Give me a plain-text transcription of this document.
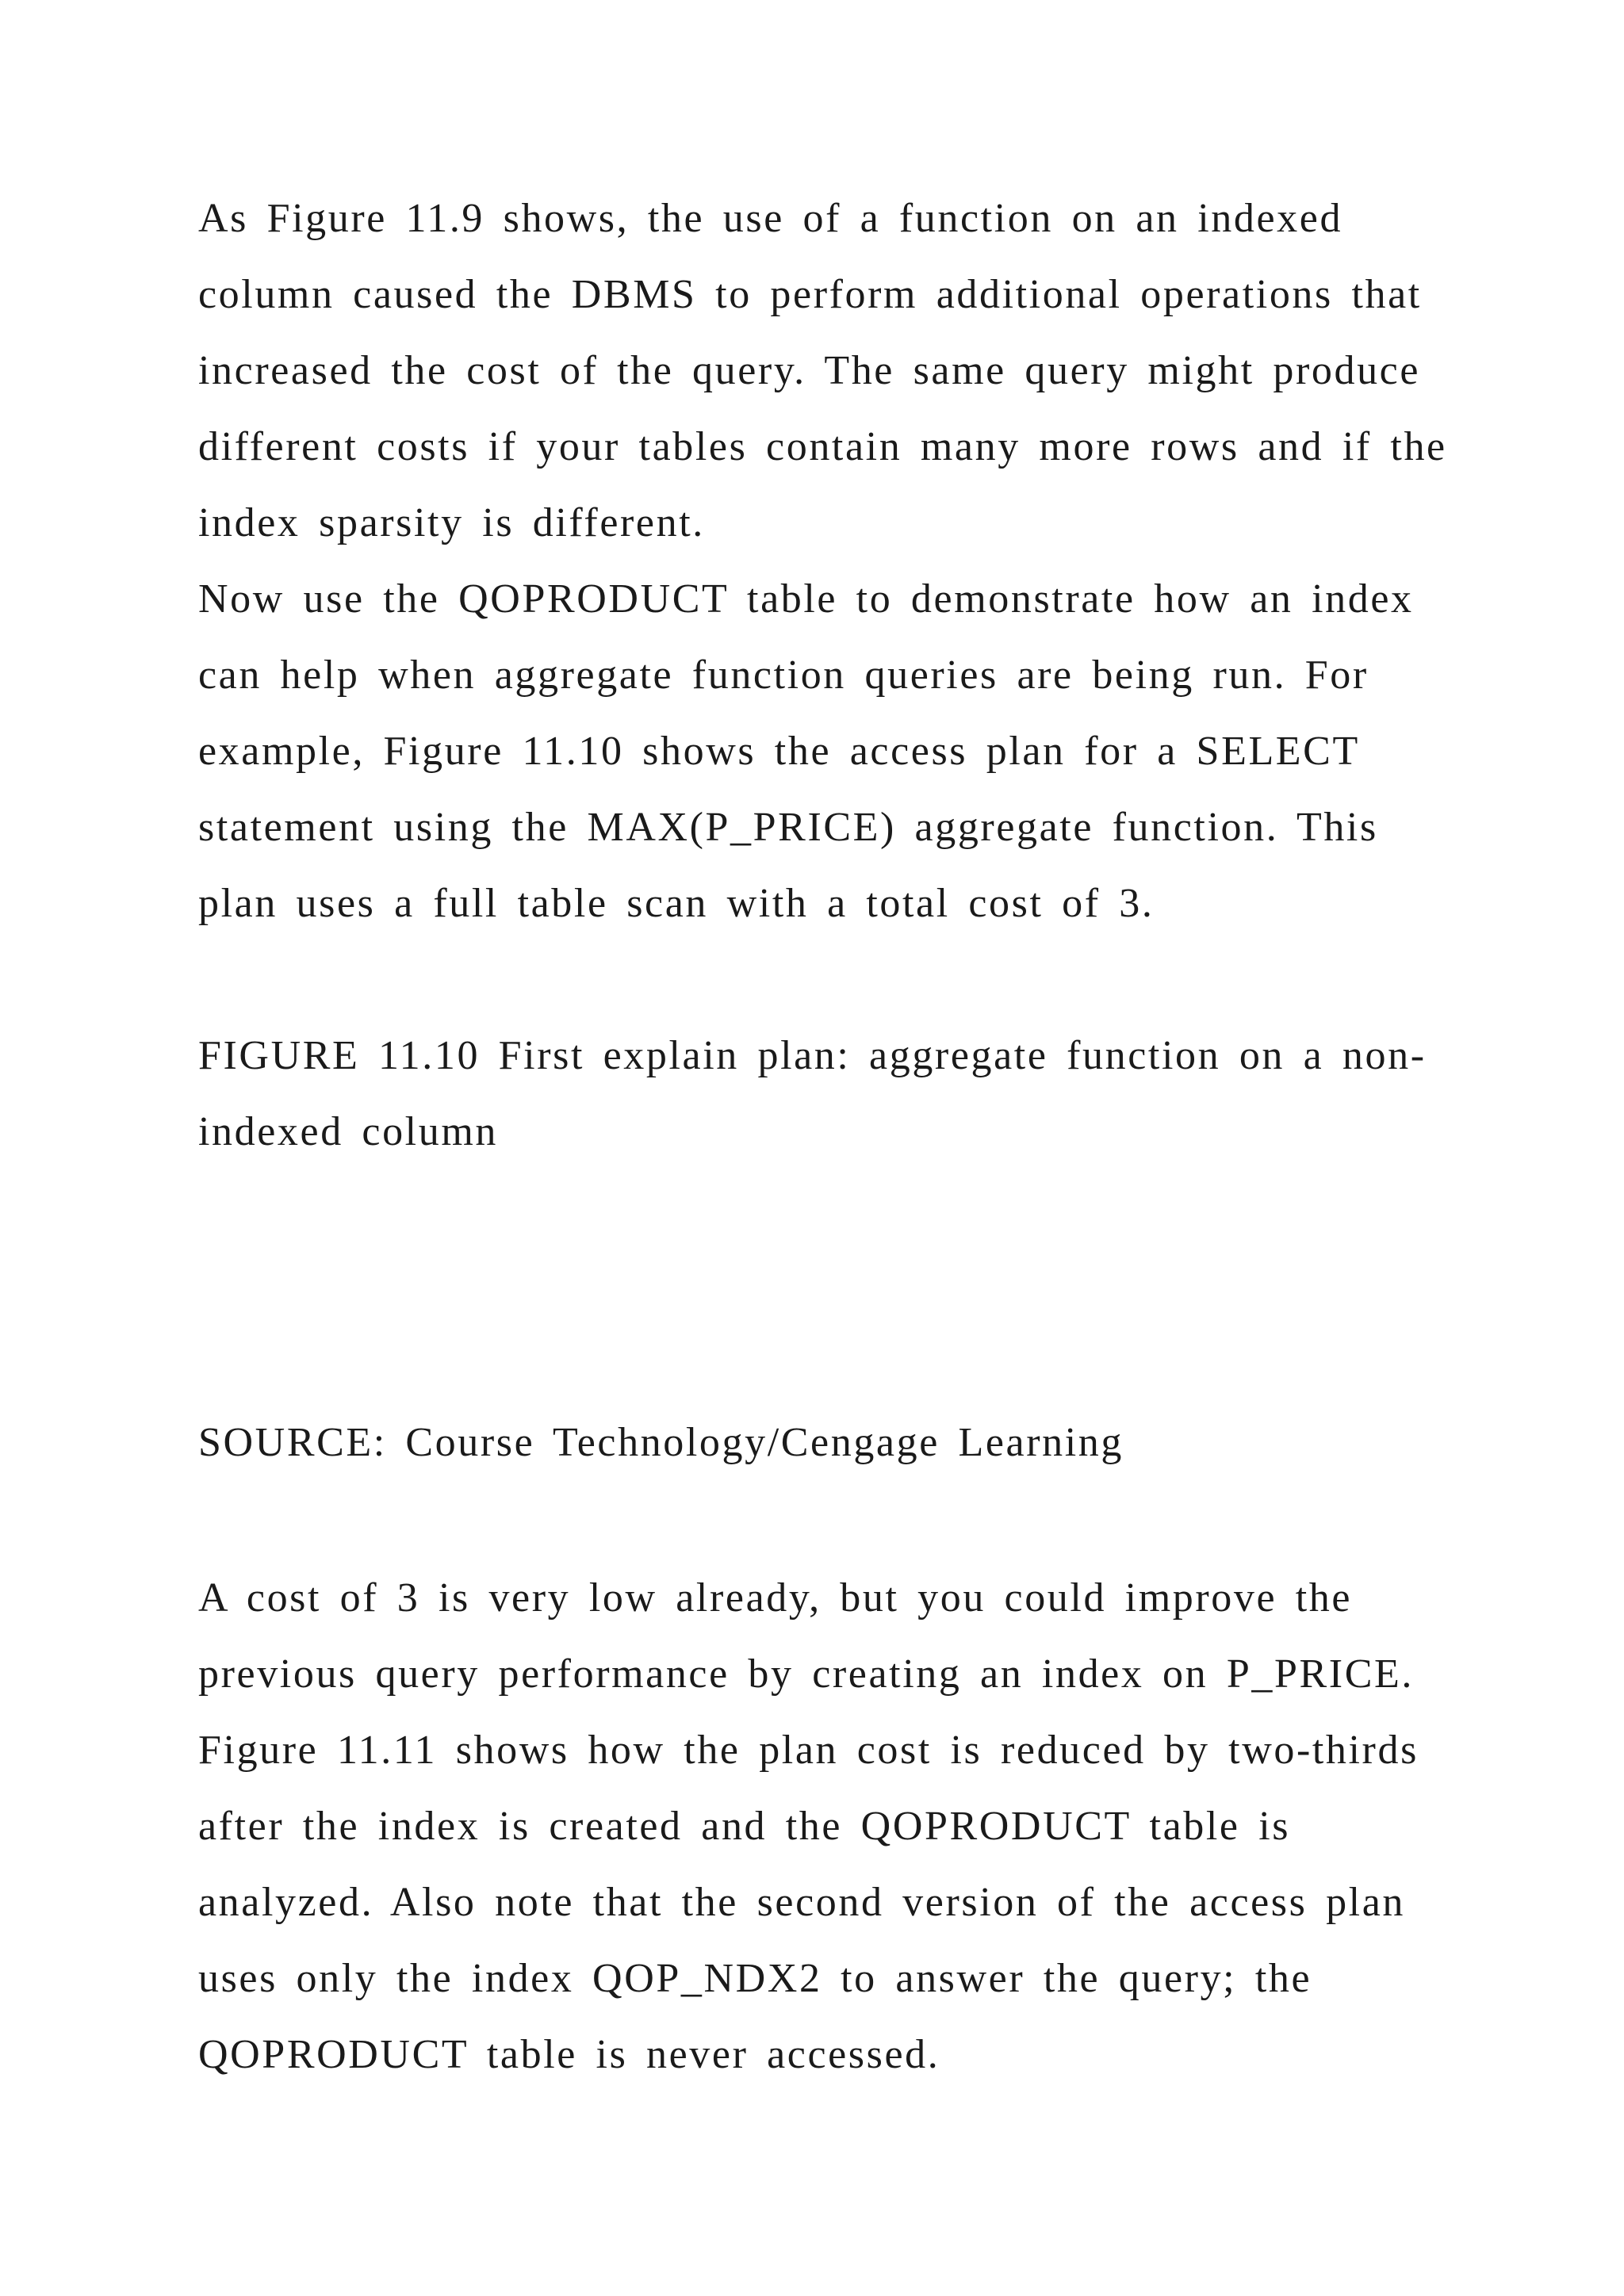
As Figure 11.9 shows, the use of a function on an indexed
column caused the DBMS to perform additional operations that
increased the cost of the query. The same query might produce
different costs if your tables contain many more rows and if the
index sparsity is different.
Now use the QOPRODUCT table to demonstrate how an index
can help when aggregate function queries are being run. For
example, Figure 11.10 shows the access plan for a SELECT
statement using the MAX(P_PRICE) aggregate function. This
plan uses a full table scan with a total cost of 3.
FIGURE 11.10 First explain plan: aggregate function on a non-
indexed column
SOURCE: Course Technology/Cengage Learning
A cost of 3 is very low already, but you could improve the
previous query performance by creating an index on P_PRICE.
Figure 11.11 shows how the plan cost is reduced by two-thirds
after the index is created and the QOPRODUCT table is
analyzed. Also note that the second version of the access plan
uses only the index QOP_NDX2 to answer the query; the
QOPRODUCT table is never accessed.
